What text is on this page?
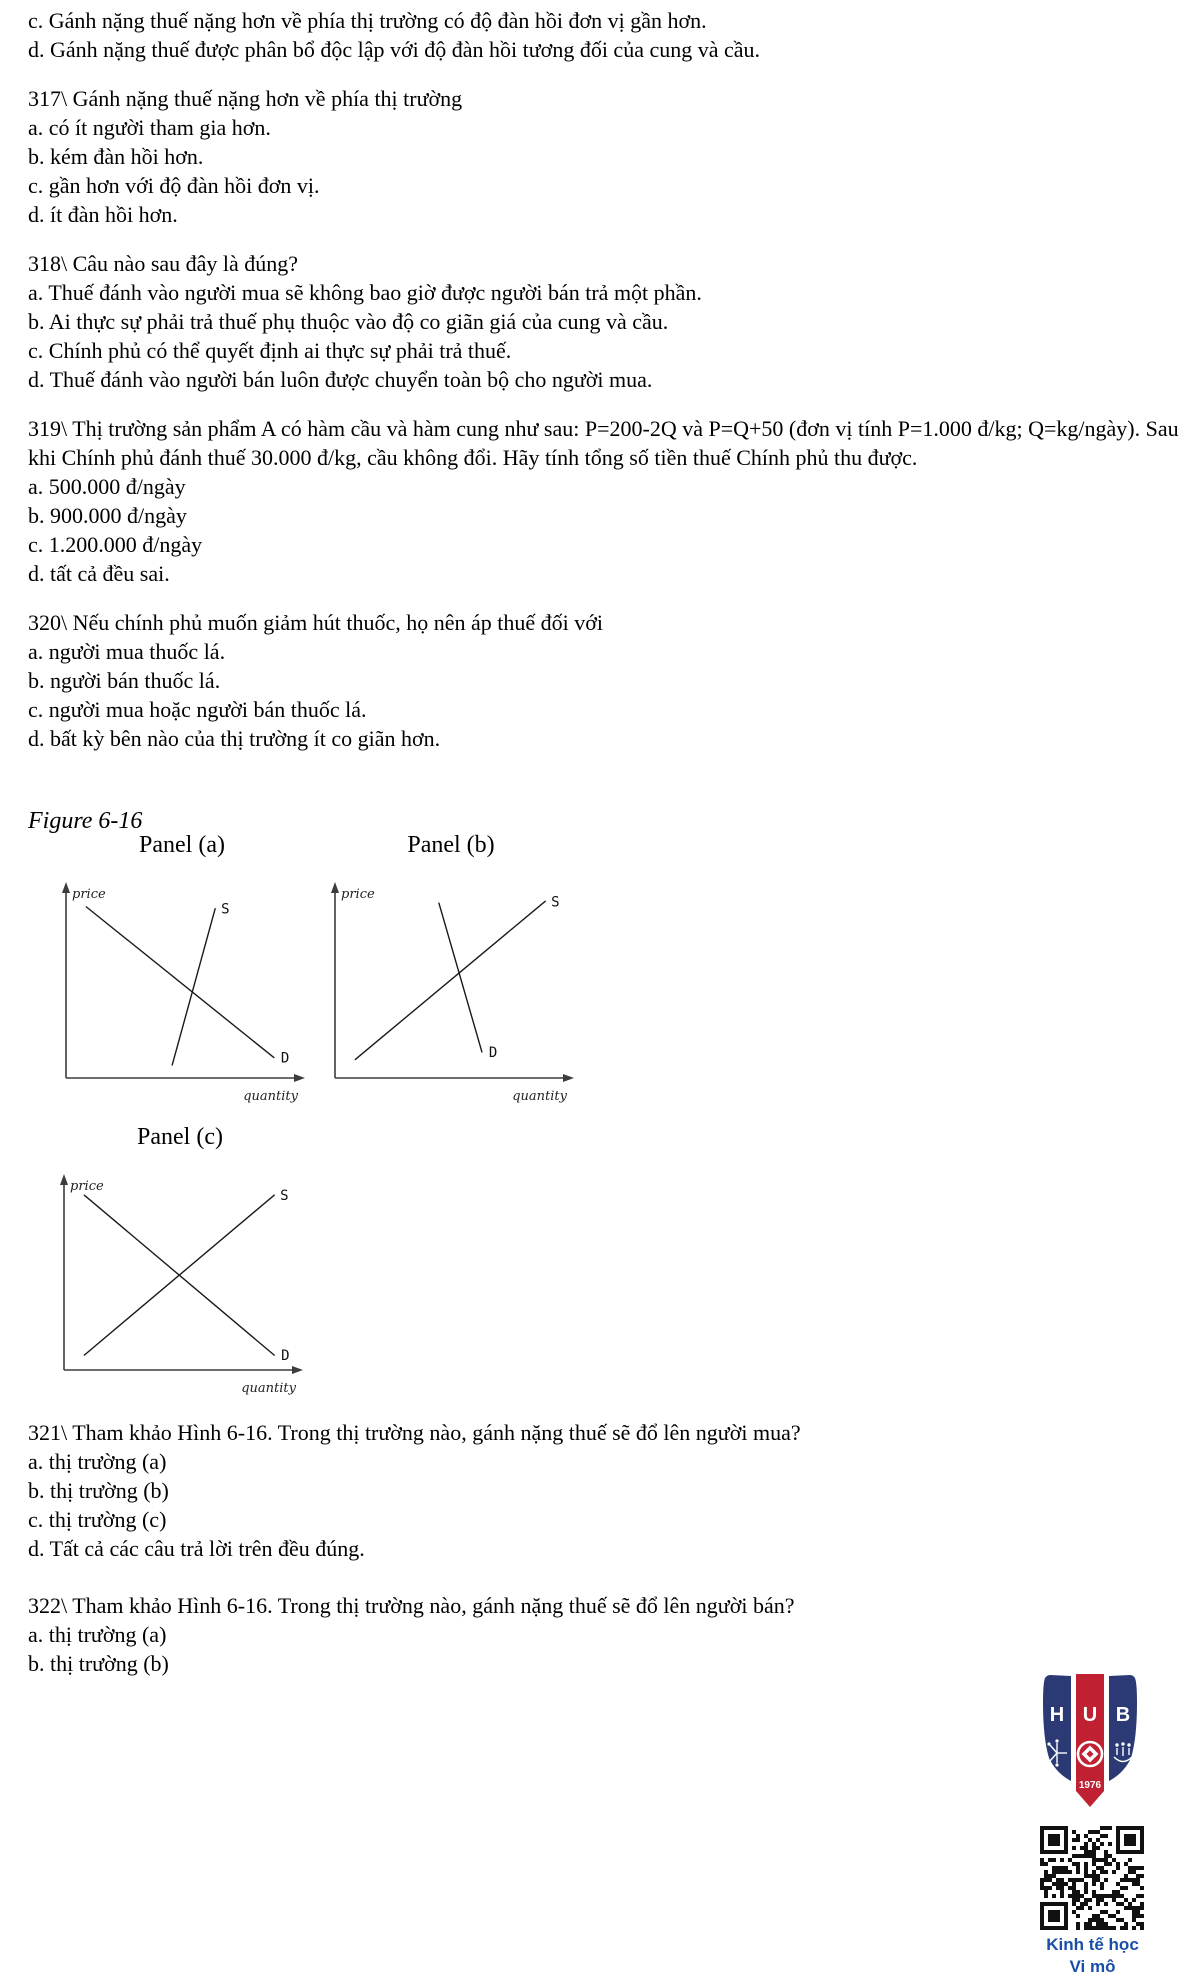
c. Gánh nặng thuế nặng hơn về phía thị trường có độ đàn hồi đơn vị gần hơn.

d. Gánh nặng thuế được phân bổ độc lập với độ đàn hồi tương đối của cung và cầu.

317\ Gánh nặng thuế nặng hơn về phía thị trường

a. có ít người tham gia hơn.

b. kém đàn hồi hơn.

c. gần hơn với độ đàn hồi đơn vị.

d. ít đàn hồi hơn.

318\ Câu nào sau đây là đúng?

a. Thuế đánh vào người mua sẽ không bao giờ được người bán trả một phần.

b. Ai thực sự phải trả thuế phụ thuộc vào độ co giãn giá của cung và cầu.

c. Chính phủ có thể quyết định ai thực sự phải trả thuế.

d. Thuế đánh vào người bán luôn được chuyển toàn bộ cho người mua.

319\ Thị trường sản phẩm A có hàm cầu và hàm cung như sau: P=200-2Q và P=Q+50 (đơn vị tính P=1.000 đ/kg; Q=kg/ngày). Sau khi Chính phủ đánh thuế 30.000 đ/kg, cầu không đổi. Hãy tính tổng số tiền thuế Chính phủ thu được.

a. 500.000 đ/ngày

b. 900.000 đ/ngày

c. 1.200.000 đ/ngày

d. tất cả đều sai.

320\ Nếu chính phủ muốn giảm hút thuốc, họ nên áp thuế đối với

a. người mua thuốc lá.

b. người bán thuốc lá.

c. người mua hoặc người bán thuốc lá.

d. bất kỳ bên nào của thị trường ít co giãn hơn.

Figure 6-16
Panel (a)
price
quantity
S
D
Panel (b)
price
quantity
S
D
Panel (c)
price
quantity
S
D
H U B
1976
Kinh tế học
Vi mô

321\ Tham khảo Hình 6-16. Trong thị trường nào, gánh nặng thuế sẽ đổ lên người mua?

a. thị trường (a)

b. thị trường (b)

c. thị trường (c)

d. Tất cả các câu trả lời trên đều đúng.

322\ Tham khảo Hình 6-16. Trong thị trường nào, gánh nặng thuế sẽ đổ lên người bán?

a. thị trường (a)

b. thị trường (b)
